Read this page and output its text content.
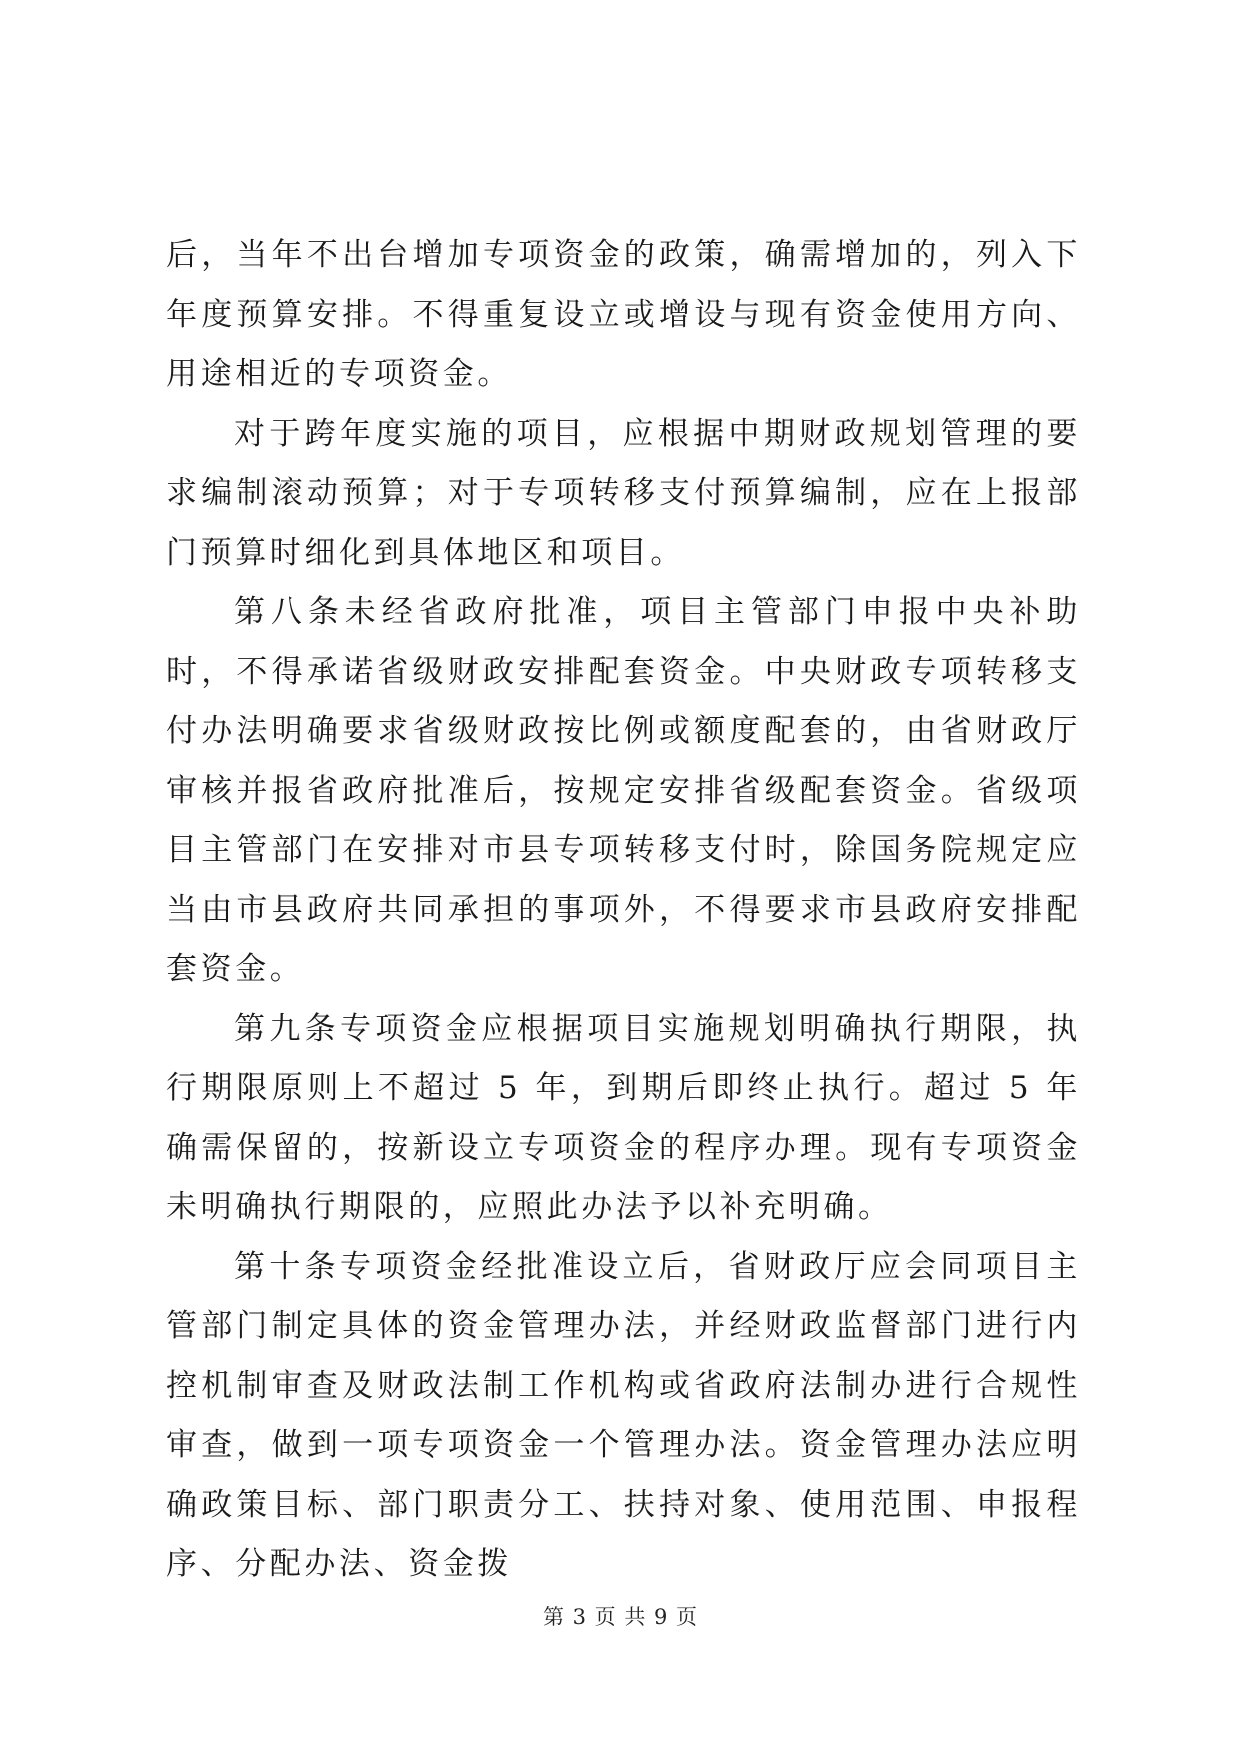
后，当年不出台增加专项资金的政策，确需增加的，列入下年度预算安排。不得重复设立或增设与现有资金使用方向、用途相近的专项资金。

对于跨年度实施的项目，应根据中期财政规划管理的要求编制滚动预算；对于专项转移支付预算编制，应在上报部门预算时细化到具体地区和项目。

第八条未经省政府批准，项目主管部门申报中央补助时，不得承诺省级财政安排配套资金。中央财政专项转移支付办法明确要求省级财政按比例或额度配套的，由省财政厅审核并报省政府批准后，按规定安排省级配套资金。省级项目主管部门在安排对市县专项转移支付时，除国务院规定应当由市县政府共同承担的事项外，不得要求市县政府安排配套资金。

第九条专项资金应根据项目实施规划明确执行期限，执行期限原则上不超过 5 年，到期后即终止执行。超过 5 年确需保留的，按新设立专项资金的程序办理。现有专项资金未明确执行期限的，应照此办法予以补充明确。

第十条专项资金经批准设立后，省财政厅应会同项目主管部门制定具体的资金管理办法，并经财政监督部门进行内控机制审查及财政法制工作机构或省政府法制办进行合规性审查，做到一项专项资金一个管理办法。资金管理办法应明确政策目标、部门职责分工、扶持对象、使用范围、申报程序、分配办法、资金拨

第 3 页 共 9 页
